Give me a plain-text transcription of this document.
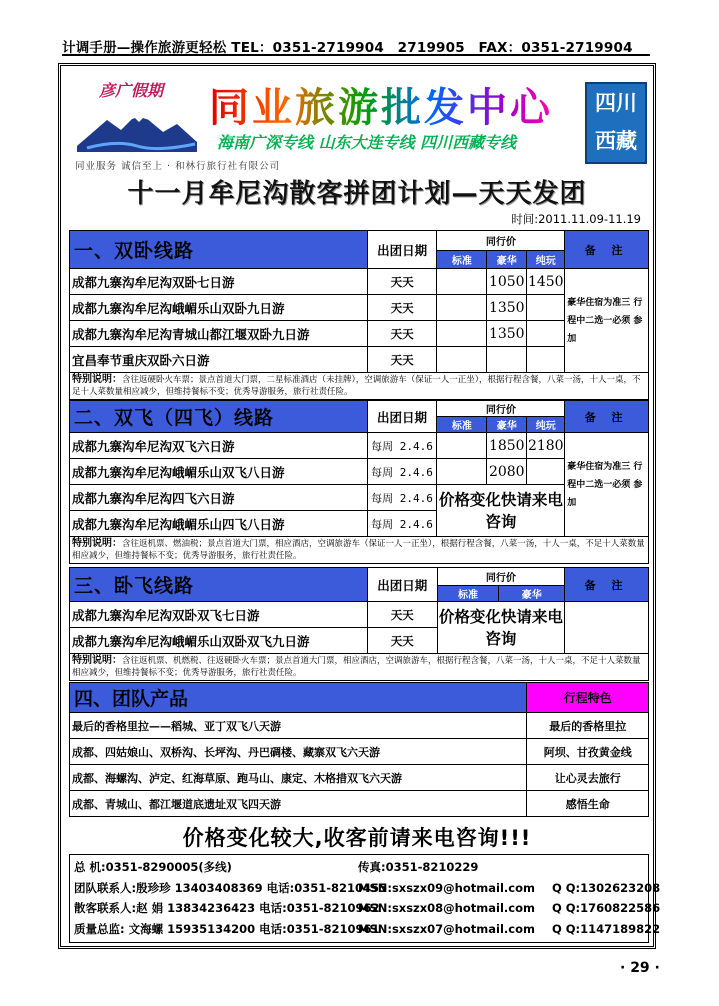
计调手册—操作旅游更轻松 TEL：0351-2719904　2719905　FAX：0351-2719904
彦广假期 同业旅游批发中心
海南广深专线 山东大连专线 四川西藏专线
同业服务 诚信至上 · 和林行旅行社有限公司
四川
西藏
十一月牟尼沟散客拼团计划—天天发团
时间:2011.11.09-11.19
一、双卧线路	出团日期	同行价			备 注
		标准	豪华	纯玩	
成都九寨沟牟尼沟双卧七日游	天天		1050	1450	豪华住宿为准三 行程中二选一必须 参加
成都九寨沟牟尼沟峨嵋乐山双卧九日游	天天		1350		
成都九寨沟牟尼沟青城山都江堰双卧九日游	天天		1350		
宜昌奉节重庆双卧六日游	天天				
特别说明：含往返硬卧火车票；景点首道大门票，二星标准酒店（未挂牌），空调旅游车（保证一人一正坐），根据行程含餐，八菜一汤，十人一桌，不足十人菜数量相应减少，但维持餐标不变；优秀导游服务，旅行社责任险。					
二、双飞（四飞）线路	出团日期	同行价			备 注
		标准	豪华	纯玩	
成都九寨沟牟尼沟双飞六日游	每周 2.4.6		1850	2180	豪华住宿为准三 行程中二选一必须 参加
成都九寨沟牟尼沟峨嵋乐山双飞八日游	每周 2.4.6		2080		
成都九寨沟牟尼沟四飞六日游	每周 2.4.6	价格变化快请来电咨询			
成都九寨沟牟尼沟峨嵋乐山四飞八日游	每周 2.4.6				
特别说明：含往返机票、燃油税；景点首道大门票，相应酒店，空调旅游车（保证一人一正坐），根据行程含餐，八菜一汤，十人一桌，不足十人菜数量相应减少，但维持餐标不变；优秀导游服务，旅行社责任险。					
三、卧飞线路	出团日期	同行价		备 注
		标准	豪华	
成都九寨沟牟尼沟双卧双飞七日游	天天	价格变化快请来电咨询		
成都九寨沟牟尼沟峨嵋乐山双卧双飞九日游	天天			
特别说明：含往返机票、机燃税、往返硬卧火车票；景点首道大门票，相应酒店，空调旅游车，根据行程含餐，八菜一汤，十人一桌，不足十人菜数量相应减少，但维持餐标不变；优秀导游服务，旅行社责任险。				
四、团队产品	行程特色
最后的香格里拉——稻城、亚丁双飞八天游	最后的香格里拉
成都、四姑娘山、双桥沟、长坪沟、丹巴碉楼、藏寨双飞六天游	阿坝、甘孜黄金线
成都、海螺沟、泸定、红海草原、跑马山、康定、木格措双飞六天游	让心灵去旅行
成都、青城山、都江堰道底遗址双飞四天游	感悟生命
价格变化较大,收客前请来电咨询!!!
总 机:0351-8290005(多线)	传真:0351-8210229
团队联系人:殷珍珍 13403408369 电话:0351-8210455
MSN:sxszx09@hotmail.com Q Q:1302623208
散客联系人:赵 娟 13834236423 电话:0351-8210962
MSN:sxszx08@hotmail.com Q Q:1760822586
质量总监: 文海螺 15935134200 电话:0351-8210961
MSN:sxszx07@hotmail.com Q Q:1147189822
· 29 ·
